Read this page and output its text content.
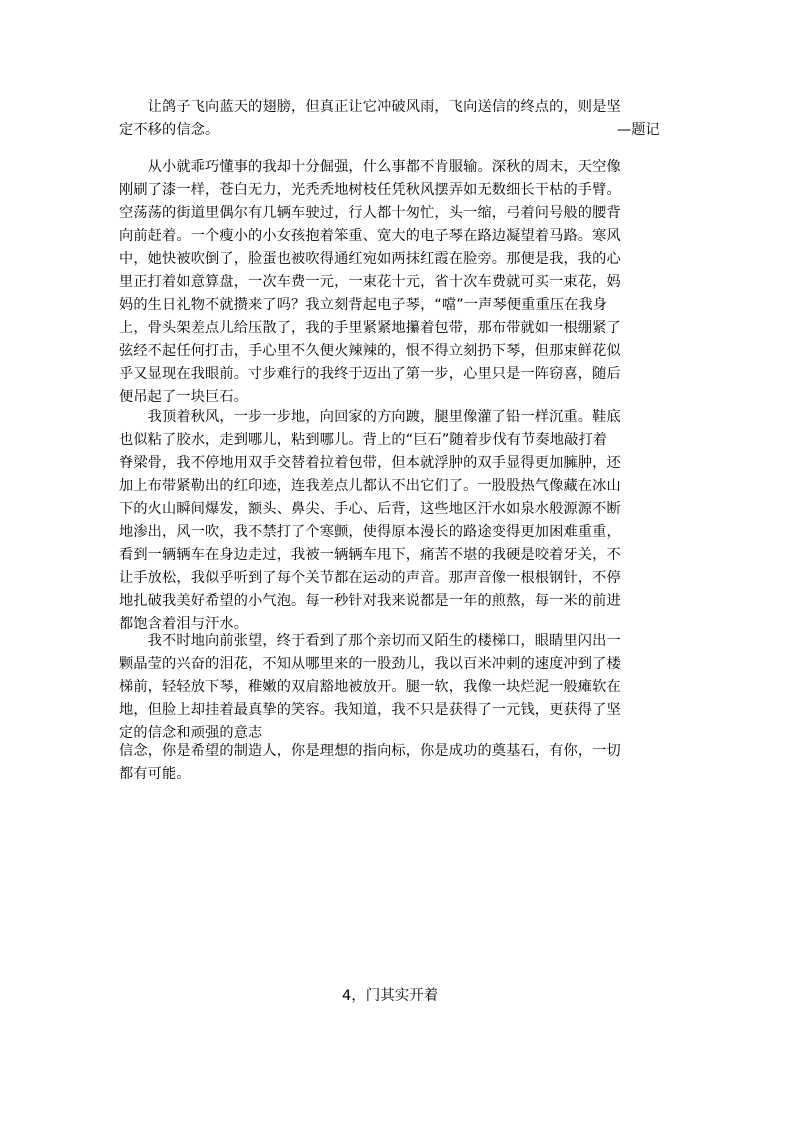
　　让鸽子飞向蓝天的翅膀，但真正让它冲破风雨，飞向送信的终点的，则是坚
定不移的信念。	—题记
　　从小就乖巧懂事的我却十分倔强，什么事都不肯服输。深秋的周末，天空像
刚刷了漆一样，苍白无力，光秃秃地树枝任凭秋风摆弄如无数细长干枯的手臂。
空荡荡的街道里偶尔有几辆车驶过，行人都十匆忙，头一缩，弓着问号般的腰背
向前赶着。一个瘦小的小女孩抱着笨重、宽大的电子琴在路边凝望着马路。寒风
中，她快被吹倒了，脸蛋也被吹得通红宛如两抹红霞在脸旁。那便是我，我的心
里正打着如意算盘，一次车费一元，一束花十元，省十次车费就可买一束花，妈
妈的生日礼物不就攒来了吗？我立刻背起电子琴，“噹”一声琴便重重压在我身
上，骨头架差点儿给压散了，我的手里紧紧地攥着包带，那布带就如一根绷紧了
弦经不起任何打击，手心里不久便火辣辣的，恨不得立刻扔下琴，但那束鲜花似
乎又显现在我眼前。寸步难行的我终于迈出了第一步，心里只是一阵窃喜，随后
便吊起了一块巨石。
　　我顶着秋风，一步一步地，向回家的方向踱，腿里像灌了铅一样沉重。鞋底
也似粘了胶水，走到哪儿，粘到哪儿。背上的“巨石”随着步伐有节奏地敲打着
脊梁骨，我不停地用双手交替着拉着包带，但本就浮肿的双手显得更加臃肿，还
加上布带紧勒出的红印迹，连我差点儿都认不出它们了。一股股热气像藏在冰山
下的火山瞬间爆发，额头、鼻尖、手心、后背，这些地区汗水如泉水般源源不断
地渗出，风一吹，我不禁打了个寒颤，使得原本漫长的路途变得更加困难重重，
看到一辆辆车在身边走过，我被一辆辆车甩下，痛苦不堪的我硬是咬着牙关，不
让手放松，我似乎听到了每个关节都在运动的声音。那声音像一根根钢针，不停
地扎破我美好希望的小气泡。每一秒针对我来说都是一年的煎熬，每一米的前进
都饱含着泪与汗水。
　　我不时地向前张望，终于看到了那个亲切而又陌生的楼梯口，眼睛里闪出一
颗晶莹的兴奋的泪花，不知从哪里来的一股劲儿，我以百米冲刺的速度冲到了楼
梯前，轻轻放下琴，稚嫩的双肩豁地被放开。腿一软，我像一块烂泥一般瘫软在
地，但脸上却挂着最真挚的笑容。我知道，我不只是获得了一元钱，更获得了坚
定的信念和顽强的意志
信念，你是希望的制造人，你是理想的指向标，你是成功的奠基石，有你，一切
都有可能。
4，门其实开着
